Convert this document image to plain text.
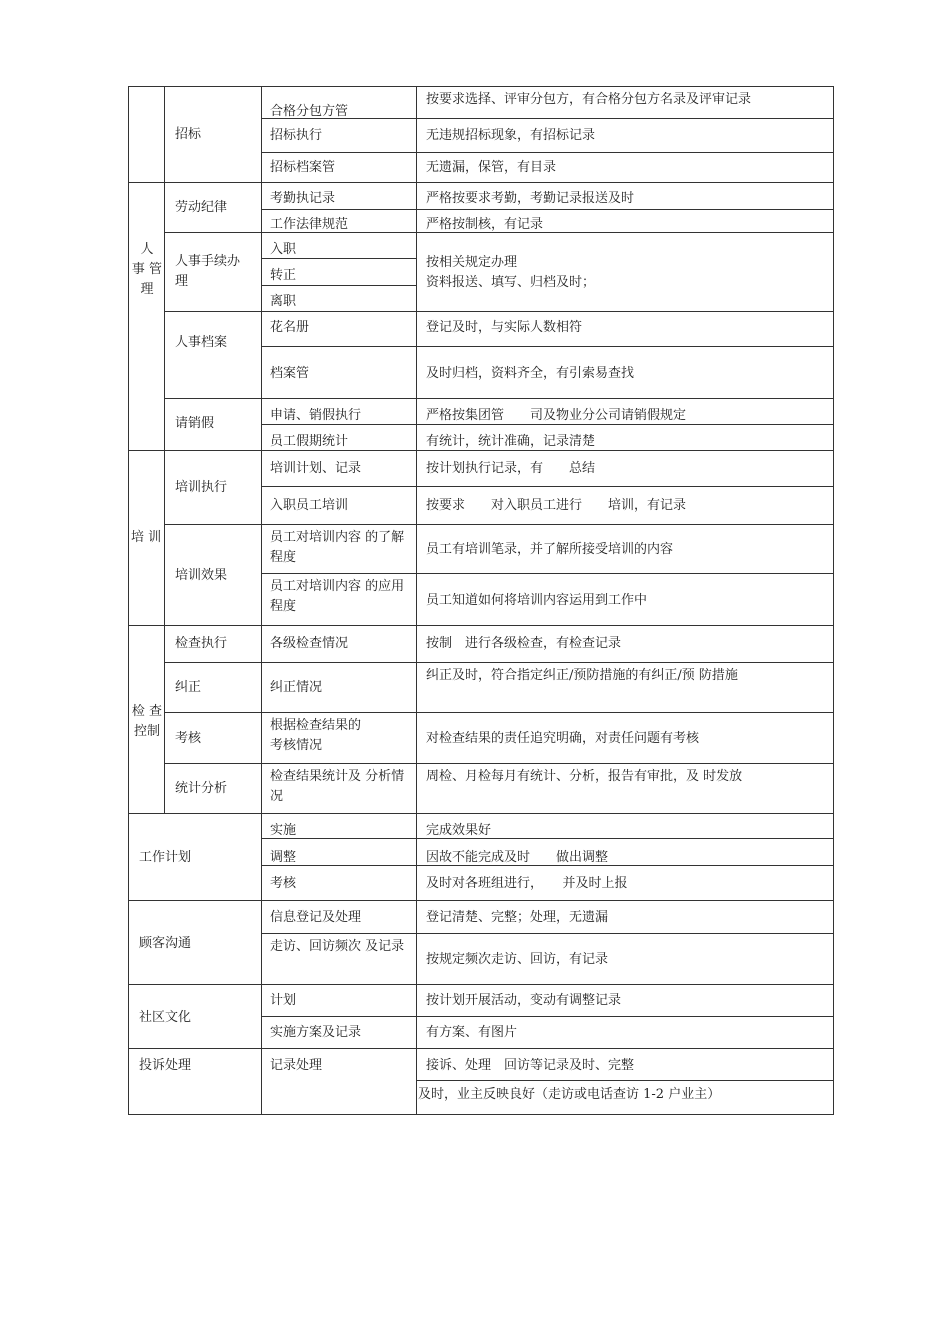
人
事 管
理
培 训
检 查
控制
工作计划
顾客沟通
社区文化
投诉处理
招标
劳动纪律
人事手续办
理
人事档案
请销假
培训执行
培训效果
检查执行
纠正
考核
统计分析
合格分包方管
招标执行
招标档案管
考勤执记录
工作法律规范
入职
转正
离职
花名册
档案管
申请、销假执行
员工假期统计
培训计划、记录
入职员工培训
员工对培训内容 的了解程度
员工对培训内容 的应用程度
各级检查情况
纠正情况
根据检查结果的
考核情况
检查结果统计及 分析情况
实施
调整
考核
信息登记及处理
走访、回访频次 及记录
计划
实施方案及记录
记录处理
按要求选择、评审分包方，有合格分包方名录及评审记录
无违规招标现象，有招标记录
无遗漏，保管，有目录
严格按要求考勤，考勤记录报送及时
严格按制核，有记录
按相关规定办理
资料报送、填写、归档及时；
登记及时，与实际人数相符
及时归档，资料齐全，有引索易查找
严格按集团管　　司及物业分公司请销假规定
有统计，统计准确，记录清楚
按计划执行记录，有　　总结
按要求　　对入职员工进行　　培训，有记录
员工有培训笔录，并了解所接受培训的内容
员工知道如何将培训内容运用到工作中
按制　进行各级检查，有检查记录
纠正及时，符合指定纠正/预防措施的有纠正/预 防措施
对检查结果的责任追究明确，对责任问题有考核
周检、月检每月有统计、分析，报告有审批，及 时发放
完成效果好
因故不能完成及时　　做出调整
及时对各班组进行，　　并及时上报
登记清楚、完整；处理，无遗漏
按规定频次走访、回访，有记录
按计划开展活动，变动有调整记录
有方案、有图片
接诉、处理　回访等记录及时、完整
及时，业主反映良好（走访或电话查访 1-2 户业主）
